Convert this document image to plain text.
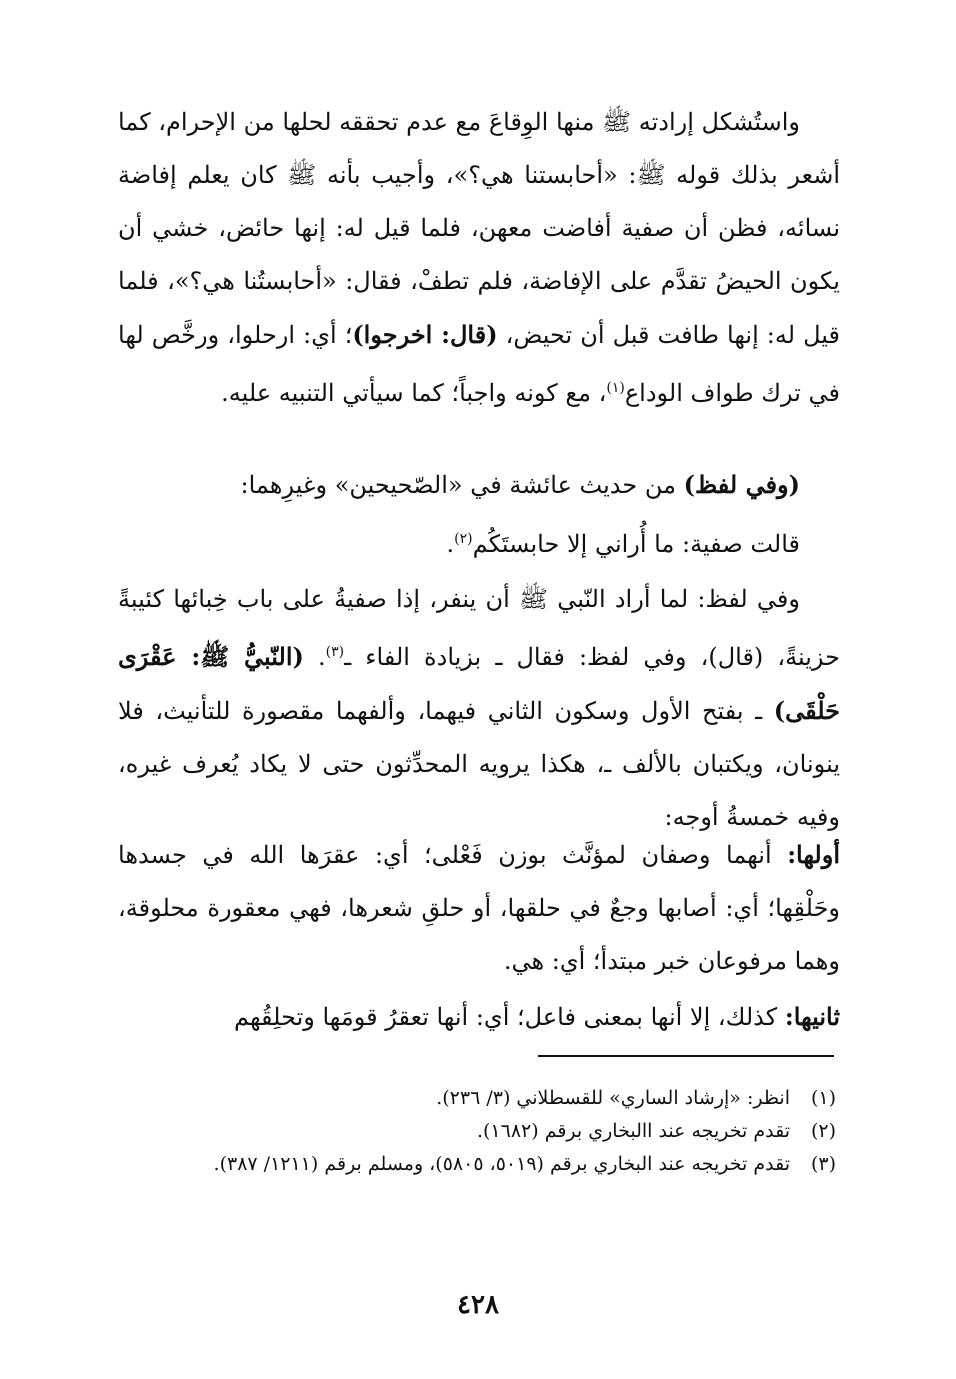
واستُشكل إرادته ﷺ منها الوِقاعَ مع عدم تحققه لحلها من الإحرام، كما أشعر بذلك قوله ﷺ: «أحابستنا هي؟»، وأجيب بأنه ﷺ كان يعلم إفاضة نسائه، فظن أن صفية أفاضت معهن، فلما قيل له: إنها حائض، خشي أن يكون الحيضُ تقدَّم على الإفاضة، فلم تطفْ، فقال: «أحابستُنا هي؟»، فلما قيل له: إنها طافت قبل أن تحيض، (قال: اخرجوا)؛ أي: ارحلوا، ورخَّص لها في ترك طواف الوداع$^{(١)}$، مع كونه واجباً؛ كما سيأتي التنبيه عليه.

(وفي لفظ) من حديث عائشة في «الصّحيحين» وغيرِهما:

قالت صفية: ما أُراني إلا حابستَكُم$^{(٢)}$.

وفي لفظ: لما أراد النّبي ﷺ أن ينفر، إذا صفيةُ على باب خِبائها كئيبةً حزينةً، (قال)، وفي لفظ: فقال ـ بزيادة الفاء ـ$^{(٣)}$. (النّبيُّ ﷺ: عَقْرَى حَلْقَى) ـ بفتح الأول وسكون الثاني فيهما، وألفهما مقصورة للتأنيث، فلا ينونان، ويكتبان بالألف ـ، هكذا يرويه المحدِّثون حتى لا يكاد يُعرف غيره، وفيه خمسةُ أوجه:

أولها: أنهما وصفان لمؤنَّث بوزن فَعْلى؛ أي: عقرَها الله في جسدها وحَلْقِها؛ أي: أصابها وجعٌ في حلقها، أو حلقِ شعرها، فهي معقورة محلوقة، وهما مرفوعان خبر مبتدأ؛ أي: هي.

ثانيها: كذلك، إلا أنها بمعنى فاعل؛ أي: أنها تعقرُ قومَها وتحلِقُهم

(١)
انظر: «إرشاد الساري» للقسطلاني (٣/ ٢٣٦).
(٢)
تقدم تخريجه عند االبخاري برقم (١٦٨٢).
(٣)
تقدم تخريجه عند البخاري برقم (٥٠١٩، ٥٨٠٥)، ومسلم برقم (١٢١١/ ٣٨٧).
٤٢٨
